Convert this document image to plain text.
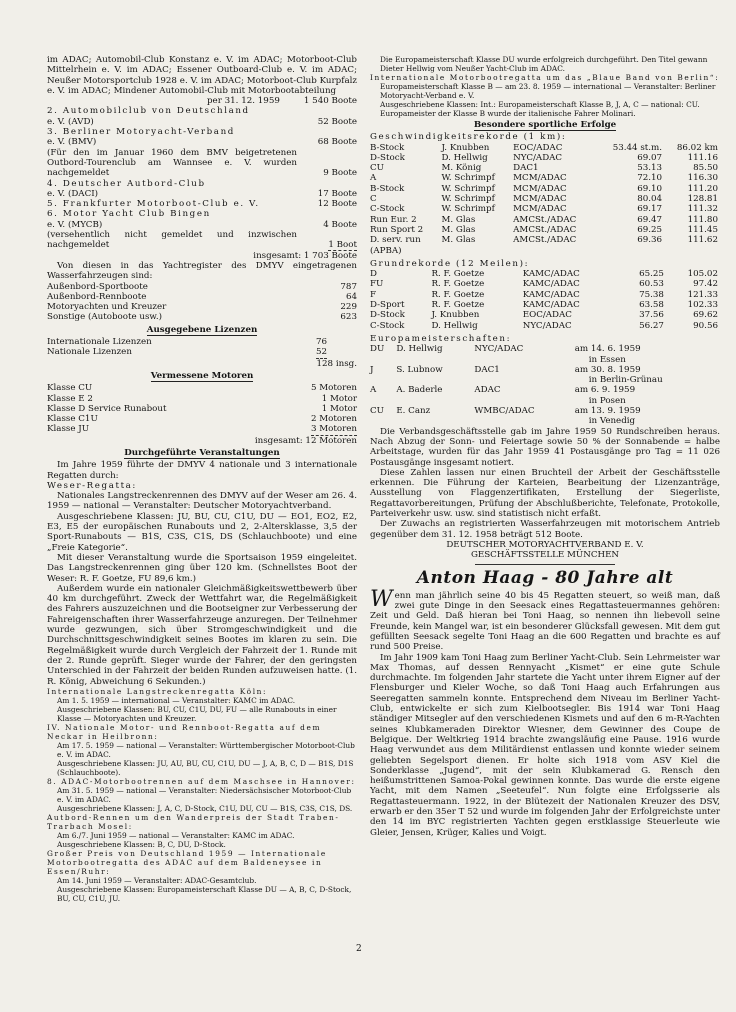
im ADAC; Automobil-Club Konstanz e. V. im ADAC; Motorboot-Club Mittelrhein e. V. im ADAC; Essener Outboard-Club e. V. im ADAC; Neußer Motorsportclub 1928 e. V. im ADAC; Motorboot-Club Kurpfalz e. V. im ADAC; Mindener Automobil-Club mit Motorbootabteilung

per 31. 12. 1959	1 540 Boote
2. Automobilclub von Deutschland
e. V. (AVD)	52 Boote
3. Berliner Motoryacht-Verband
e. V. (BMV)	68 Boote

(Für den im Januar 1960 dem BMV beigetretenen Outbord-Tourenclub am Wannsee e. V. wurden nachgemeldet	9 Boote
4. Deutscher Autbord-Club
e. V. (DACI)	17 Boote
5. Frankfurter Motorboot-Club e. V.	12 Boote
6. Motor Yacht Club Bingen
e. V. (MYCB)	4 Boote

(versehentlich nicht gemeldet und inzwischen nachgemeldet	1 Boot
insgesamt: 1 703 Boote

Von diesen in das Yachtregister des DMYV eingetragenen Wasserfahrzeugen sind:

Außenbord-Sportboote	787
Außenbord-Rennboote	64
Motoryachten und Kreuzer	229
Sonstige (Autoboote usw.)	623
Ausgegebene Lizenzen
Internationale Lizenzen	76
Nationale Lizenzen	52
128 insg.
Vermessene Motoren
Klasse CU	5 Motoren
Klasse E 2	1 Motor
Klasse D Service Runabout	1 Motor
Klasse C1U	2 Motoren
Klasse JU	3 Motoren
insgesamt: 12 Motoren
Durchgeführte Veranstaltungen

Im Jahre 1959 führte der DMYV 4 nationale und 3 internationale Regatten durch:

Weser-Regatta:

Nationales Langstreckenrennen des DMYV auf der Weser am 26. 4. 1959 — national — Veranstalter: Deutscher Motoryachtverband.

Ausgeschriebene Klassen: JU, BU, CU, C1U, DU — EO1, EO2, E2, E3, E5 der europäischen Runabouts und 2, 2-Altersklasse, 3,5 der Sport-Runabouts — B1S, C3S, C1S, DS (Schlauchboote) und eine „Freie Kategorie“.

Mit dieser Veranstaltung wurde die Sportsaison 1959 eingeleitet. Das Langstreckenrennen ging über 120 km. (Schnellstes Boot der Weser: R. F. Goetze, FU 89,6 km.)

Außerdem wurde ein nationaler Gleichmäßigkeitswettbewerb über 40 km durchgeführt. Zweck der Wettfahrt war, die Regelmäßigkeit des Fahrers auszuzeichnen und die Bootseigner zur Verbesserung der Fahreigenschaften ihrer Wasserfahrzeuge anzuregen. Der Teilnehmer wurde gezwungen, sich über Stromgeschwindigkeit und die Durchschnittsgeschwindigkeit seines Bootes im klaren zu sein. Die Regelmäßigkeit wurde durch Vergleich der Fahrzeit der 1. Runde mit der 2. Runde geprüft. Sieger wurde der Fahrer, der den geringsten Unterschied in der Fahrzeit der beiden Runden aufzuweisen hatte. (1. R. König, Abweichung 6 Sekunden.)

Internationale Langstreckenregatta Köln:
Am 1. 5. 1959 — international — Veranstalter: KAMC im ADAC.
Ausgeschriebene Klassen: BU, CU, C1U, DU, FU — alle Runabouts in einer Klasse — Motoryachten und Kreuzer.
IV. Nationale Motor- und Rennboot-Regatta auf dem Neckar in Heilbronn:
Am 17. 5. 1959 — national — Veranstalter: Württembergischer Motorboot-Club e. V. im ADAC.
Ausgeschriebene Klassen: JU, AU, BU, CU, C1U, DU — J, A, B, C, D — B1S, D1S (Schlauchboote).
8. ADAC-Motorbootrennen auf dem Maschsee in Hannover:
Am 31. 5. 1959 — national — Veranstalter: Niedersächsischer Motorboot-Club e. V. im ADAC.
Ausgeschriebene Klassen: J, A, C, D-Stock, C1U, DU, CU — B1S, C3S, C1S, DS.
Autbord-Rennen um den Wanderpreis der Stadt Traben-Trarbach Mosel:
Am 6./7. Juni 1959 — national — Veranstalter: KAMC im ADAC.
Ausgeschriebene Klassen: B, C, DU, D-Stock.
Großer Preis von Deutschland 1959 — Internationale Motorbootregatta des ADAC auf dem Baldeneysee in Essen/Ruhr:
Am 14. Juni 1959 — Veranstalter: ADAC-Gesamtclub.
Ausgeschriebene Klassen: Europameisterschaft Klasse DU — A, B, C, D-Stock, BU, CU, C1U, JU.
Die Europameisterschaft Klasse DU wurde erfolgreich durchgeführt. Den Titel gewann Dieter Hellwig vom Neußer Yacht-Club im ADAC.
Internationale Motorbootregatta um das „Blaue Band von Berlin“:
Europameisterschaft Klasse B — am 23. 8. 1959 — international — Veranstalter: Berliner Motoryacht-Verband e. V.
Ausgeschriebene Klassen: Int.: Europameisterschaft Klasse B, J, A, C — national: CU.
Europameister der Klasse B wurde der italienische Fahrer Molinari.
Besondere sportliche Erfolge
Geschwindigkeitsrekorde (1 km):
B-Stock	J. Knubben	EOC/ADAC	53.44 st.m.	86.02 km
D-Stock	D. Hellwig	NYC/ADAC	69.07	111.16
CU	M. König	DAC1	53.13	85.50
A	W. Schrimpf	MCM/ADAC	72.10	116.30
B-Stock	W. Schrimpf	MCM/ADAC	69.10	111.20
C	W. Schrimpf	MCM/ADAC	80.04	128.81
C-Stock	W. Schrimpf	MCM/ADAC	69.17	111.32
Run Eur. 2	M. Glas	AMCSt./ADAC	69.47	111.80
Run Sport 2	M. Glas	AMCSt./ADAC	69.25	111.45
D. serv. run	M. Glas	AMCSt./ADAC	69.36	111.62
(APBA)				
Grundrekorde (12 Meilen):
D	R. F. Goetze	KAMC/ADAC	65.25	105.02
FU	R. F. Goetze	KAMC/ADAC	60.53	97.42
F	R. F. Goetze	KAMC/ADAC	75.38	121.33
D-Sport	R. F. Goetze	KAMC/ADAC	63.58	102.33
D-Stock	J. Knubben	EOC/ADAC	37.56	69.62
C-Stock	D. Hellwig	NYC/ADAC	56.27	90.56
Europameisterschaften:
DU	D. Hellwig	NYC/ADAC	am 14. 6. 1959
			in Essen
J	S. Lubnow	DAC1	am 30. 8. 1959
			in Berlin-Grünau
A	A. Baderle	ADAC	am 6. 9. 1959
			in Posen
CU	E. Canz	WMBC/ADAC	am 13. 9. 1959
			in Venedig

Die Verbandsgeschäftsstelle gab im Jahre 1959 50 Rundschreiben heraus. Nach Abzug der Sonn- und Feiertage sowie 50 % der Sonnabende = halbe Arbeitstage, wurden für das Jahr 1959 41 Postausgänge pro Tag = 11 026 Postausgänge insgesamt notiert.

Diese Zahlen lassen nur einen Bruchteil der Arbeit der Geschäftsstelle erkennen. Die Führung der Karteien, Bearbeitung der Lizenzanträge, Ausstellung von Flaggenzertifikaten, Erstellung der Siegerliste, Regattavorbereitungen, Prüfung der Abschlußberichte, Telefonate, Protokolle, Parteiverkehr usw. usw. sind statistisch nicht erfaßt.

Der Zuwachs an registrierten Wasserfahrzeugen mit motorischem Antrieb gegenüber dem 31. 12. 1958 beträgt 512 Boote.

DEUTSCHER MOTORYACHTVERBAND E. V.
GESCHÄFTSSTELLE MÜNCHEN
Anton Haag - 80 Jahre alt

Wenn man jährlich seine 40 bis 45 Regatten steuert, so weiß man, daß zwei gute Dinge in den Seesack eines Regattasteuermannes gehören: Zeit und Geld. Daß hieran bei Toni Haag, so nennen ihn liebevoll seine Freunde, kein Mangel war, ist ein besonderer Glücksfall gewesen. Mit dem gut gefüllten Seesack segelte Toni Haag an die 600 Regatten und brachte es auf rund 500 Preise.

Im Jahr 1909 kam Toni Haag zum Berliner Yacht-Club. Sein Lehrmeister war Max Thomas, auf dessen Rennyacht „Kismet“ er eine gute Schule durchmachte. Im folgenden Jahr startete die Yacht unter ihrem Eigner auf der Flensburger und Kieler Woche, so daß Toni Haag auch Erfahrungen aus Seeregatten sammeln konnte. Entsprechend dem Niveau im Berliner Yacht-Club, entwickelte er sich zum Kielbootsegler. Bis 1914 war Toni Haag ständiger Mitsegler auf den verschiedenen Kismets und auf den 6 m-R-Yachten seines Klubkameraden Direktor Wiesner, dem Gewinner des Coupe de Belgique. Der Weltkrieg 1914 brachte zwangsläufig eine Pause. 1916 wurde Haag verwundet aus dem Militärdienst entlassen und konnte wieder seinem geliebten Segelsport dienen. Er holte sich 1918 vom ASV Kiel die Sonderklasse „Jugend“, mit der sein Klubkamerad G. Rensch den heißumstrittenen Samoa-Pokal gewinnen konnte. Das wurde die erste eigene Yacht, mit dem Namen „Seeteufel“. Nun folgte eine Erfolgsserie als Regattasteuermann. 1922, in der Blütezeit der Nationalen Kreuzer des DSV, erwarb er den 35er T 52 und wurde im folgenden Jahr der Erfolgreichste unter den 14 im BYC registrierten Yachten gegen erstklassige Steuerleute wie Gleier, Jensen, Krüger, Kalies und Voigt.

2
